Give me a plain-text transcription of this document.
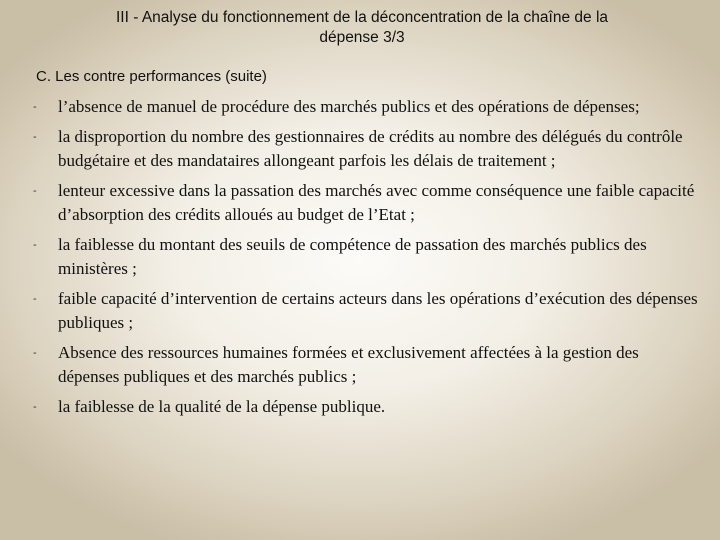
III - Analyse du fonctionnement de la déconcentration de la chaîne de la
dépense 3/3
C. Les contre performances (suite)
- l’absence de manuel de procédure des marchés publics et des opérations de dépenses;
- la disproportion du nombre des gestionnaires de crédits au nombre des délégués du contrôle budgétaire et des mandataires allongeant parfois les délais de traitement ;
- lenteur excessive dans la passation des marchés avec comme conséquence une faible capacité d’absorption des crédits alloués au budget de l’Etat ;
- la faiblesse du montant des seuils de compétence de passation des marchés publics des ministères ;
- faible capacité d’intervention de certains acteurs dans les opérations d’exécution des dépenses publiques ;
- Absence des ressources humaines formées et exclusivement affectées à la gestion des dépenses publiques et des marchés publics ;
- la faiblesse de la qualité de la dépense publique.
